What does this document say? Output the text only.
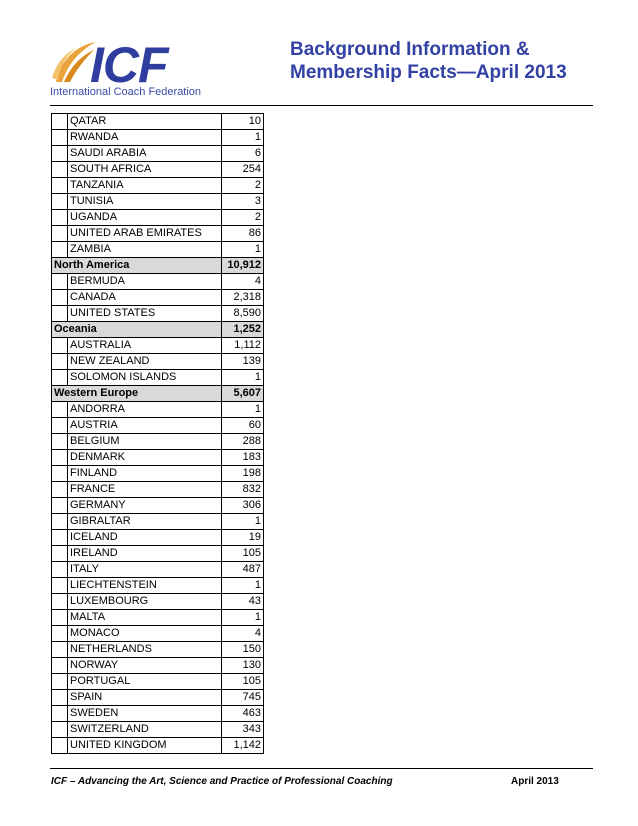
ICF
International Coach Federation
Background Information &
Membership Facts—April 2013
	QATAR	10
	RWANDA	1
	SAUDI ARABIA	6
	SOUTH AFRICA	254
	TANZANIA	2
	TUNISIA	3
	UGANDA	2
	UNITED ARAB EMIRATES	86
	ZAMBIA	1
North America		10,912
	BERMUDA	4
	CANADA	2,318
	UNITED STATES	8,590
Oceania		1,252
	AUSTRALIA	1,112
	NEW ZEALAND	139
	SOLOMON ISLANDS	1
Western Europe		5,607
	ANDORRA	1
	AUSTRIA	60
	BELGIUM	288
	DENMARK	183
	FINLAND	198
	FRANCE	832
	GERMANY	306
	GIBRALTAR	1
	ICELAND	19
	IRELAND	105
	ITALY	487
	LIECHTENSTEIN	1
	LUXEMBOURG	43
	MALTA	1
	MONACO	4
	NETHERLANDS	150
	NORWAY	130
	PORTUGAL	105
	SPAIN	745
	SWEDEN	463
	SWITZERLAND	343
	UNITED KINGDOM	1,142
ICF – Advancing the Art, Science and Practice of Professional Coaching	April 2013
